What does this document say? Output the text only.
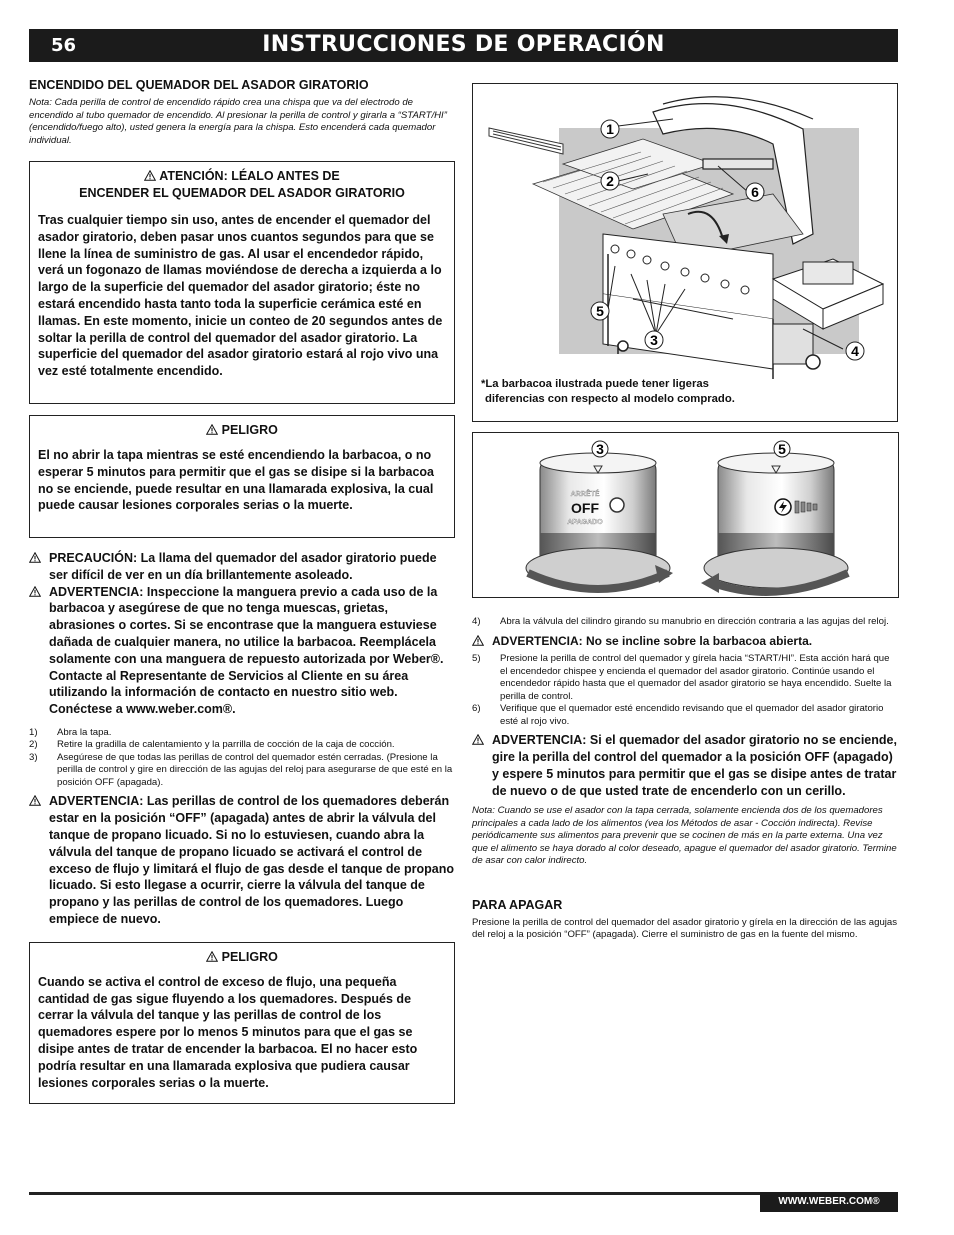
56	INSTRUCCIONES DE OPERACIÓN
ENCENDIDO DEL QUEMADOR DEL ASADOR GIRATORIO

Nota: Cada perilla de control de encendido rápido crea una chispa que va del electrodo de encendido al tubo quemador de encendido. Al presionar la perilla de control y girarla a “START/HI” (encendido/fuego alto), usted genera la energía para la chispa. Esto encenderá cada quemador individual.

ATENCIÓN: LÉALO ANTES DE
ENCENDER EL QUEMADOR DEL ASADOR GIRATORIO
Tras cualquier tiempo sin uso, antes de encender el quemador del asador giratorio, deben pasar unos cuantos segundos para que se llene la línea de suministro de gas. Al usar el encendedor rápido, verá un fogonazo de llamas moviéndose de derecha a izquierda a lo largo de la superficie del quemador del asador giratorio; éste no estará encendido hasta tanto toda la superficie cerámica esté en llamas. En este momento, inicie un conteo de 20 segundos antes de soltar la perilla de control del quemador del asador giratorio. La superficie del quemador del asador giratorio estará al rojo vivo una vez esté totalmente encendido.
PELIGRO
El no abrir la tapa mientras se esté encendiendo la barbacoa, o no esperar 5 minutos para permitir que el gas se disipe si la barbacoa no se enciende, puede resultar en una llamarada explosiva, la cual puede causar lesiones corporales serias o la muerte.
PRECAUCIÓN: La llama del quemador del asador giratorio puede ser difícil de ver en un día brillantemente asoleado.
ADVERTENCIA: Inspeccione la manguera previo a cada uso de la barbacoa y asegúrese de que no tenga muescas, grietas, abrasiones o cortes. Si se encontrase que la manguera estuviese dañada de cualquier manera, no utilice la barbacoa. Reemplácela solamente con una manguera de repuesto autorizada por Weber®. Contacte al Representante de Servicios al Cliente en su área utilizando la información de contacto en nuestro sitio web.
Conéctese a www.weber.com®.
1)	Abra la tapa.
2)	Retire la gradilla de calentamiento y la parrilla de cocción de la caja de cocción.
3)	Asegúrese de que todas las perillas de control del quemador estén cerradas. (Presione la perilla de control y gire en dirección de las agujas del reloj para asegurarse de que esté en la posición OFF (apagada).
ADVERTENCIA: Las perillas de control de los quemadores deberán estar en la posición “OFF” (apagada) antes de abrir la válvula del tanque de propano licuado. Si no lo estuviesen, cuando abra la válvula del tanque de propano licuado se activará el control de exceso de flujo y limitará el flujo de gas desde el tanque de propano licuado. Si esto llegase a ocurrir, cierre la válvula del tanque de propano y las perillas de control de los quemadores. Luego empiece de nuevo.
PELIGRO
Cuando se activa el control de exceso de flujo, una pequeña cantidad de gas sigue fluyendo a los quemadores. Después de cerrar la válvula del tanque y las perillas de control de los quemadores espere por lo menos 5 minutos para que el gas se disipe antes de tratar de encender la barbacoa. El no hacer esto podría resultar en una llamarada explosiva que pudiera causar lesiones corporales serias o la muerte.
1
2
6
5
3
4
*La barbacoa ilustrada puede tener ligeras
diferencias con respecto al modelo comprado.
ARRÊTÉ
OFF
APAGADO
3	5
4)	Abra la válvula del cilindro girando su manubrio en dirección contraria a las agujas del reloj.
ADVERTENCIA: No se incline sobre la barbacoa abierta.
5)	Presione la perilla de control del quemador y gírela hacia “START/HI”. Esta acción hará que el encendedor chispee y encienda el quemador del asador giratorio. Continúe usando el encendedor rápido hasta que el quemador del asador giratorio se haya encendido. Suelte la perilla de control.
6)	Verifique que el quemador esté encendido revisando que el quemador del asador giratorio esté al rojo vivo.
ADVERTENCIA: Si el quemador del asador giratorio no se enciende, gire la perilla del control del quemador a la posición OFF (apagado) y espere 5 minutos para permitir que el gas se disipe antes de tratar de nuevo o de que usted trate de encenderlo con un cerillo.

Nota: Cuando se use el asador con la tapa cerrada, solamente encienda dos de los quemadores principales a cada lado de los alimentos (vea los Métodos de asar - Cocción indirecta). Revise periódicamente sus alimentos para prevenir que se cocinen de más en la parte externa. Una vez que el alimento se haya dorado al color deseado, apague el quemador del asador giratorio. Termine de asar con calor indirecto.

PARA APAGAR

Presione la perilla de control del quemador del asador giratorio y gírela en la dirección de las agujas del reloj a la posición “OFF” (apagada). Cierre el suministro de gas en la fuente del mismo.

WWW.WEBER.COM®
